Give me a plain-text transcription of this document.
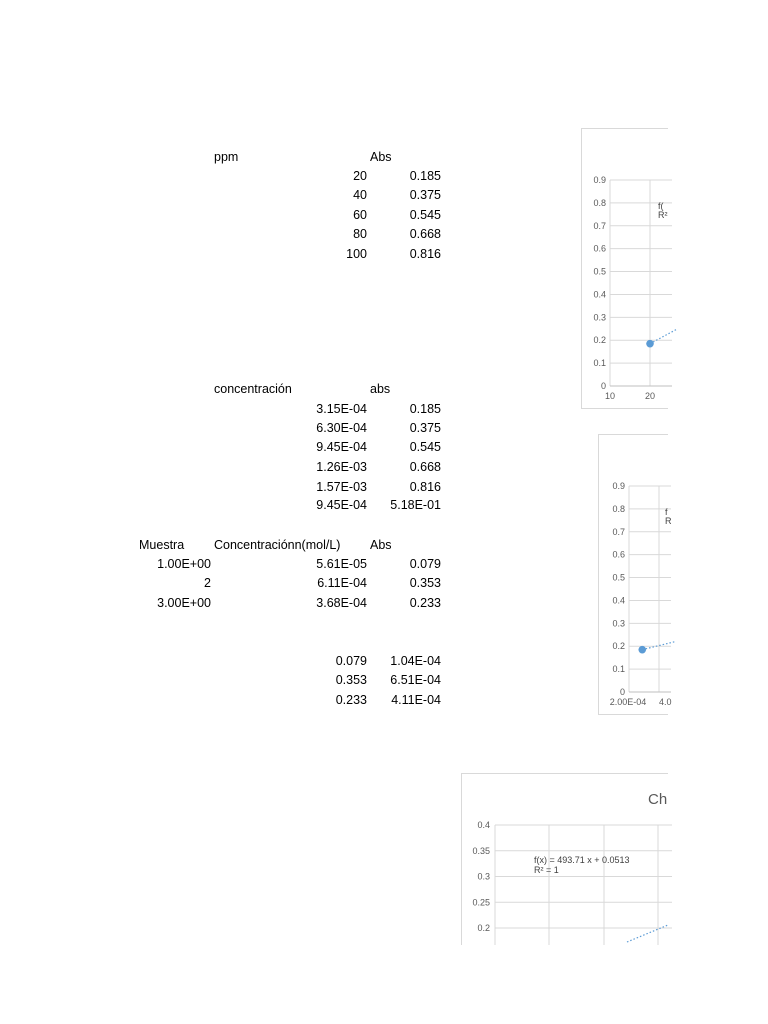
ppm	Abs
20	0.185
40	0.375
60	0.545
80	0.668
100	0.816
concentración	abs
3.15E-04	0.185
6.30E-04	0.375
9.45E-04	0.545
1.26E-03	0.668
1.57E-03	0.816
9.45E-04	5.18E-01
Muestra Concentraciónn(mol/L) Abs
1.00E+00	5.61E-05	0.079
2	6.11E-04	0.353
3.00E+00	3.68E-04	0.233
0.079	1.04E-04
0.353	6.51E-04
0.233	4.11E-04
0
0.1
0.2
0.3
0.4
0.5
0.6
0.7
0.8
0.9
10	20
f(
R²
0
0.1
0.2
0.3
0.4
0.5
0.6
0.7
0.8
0.9
2.00E-04 4.0
f
R
Ch
0.4
0.35
0.3
0.25
0.2
f(x) = 493.71 x + 0.0513
R² = 1
